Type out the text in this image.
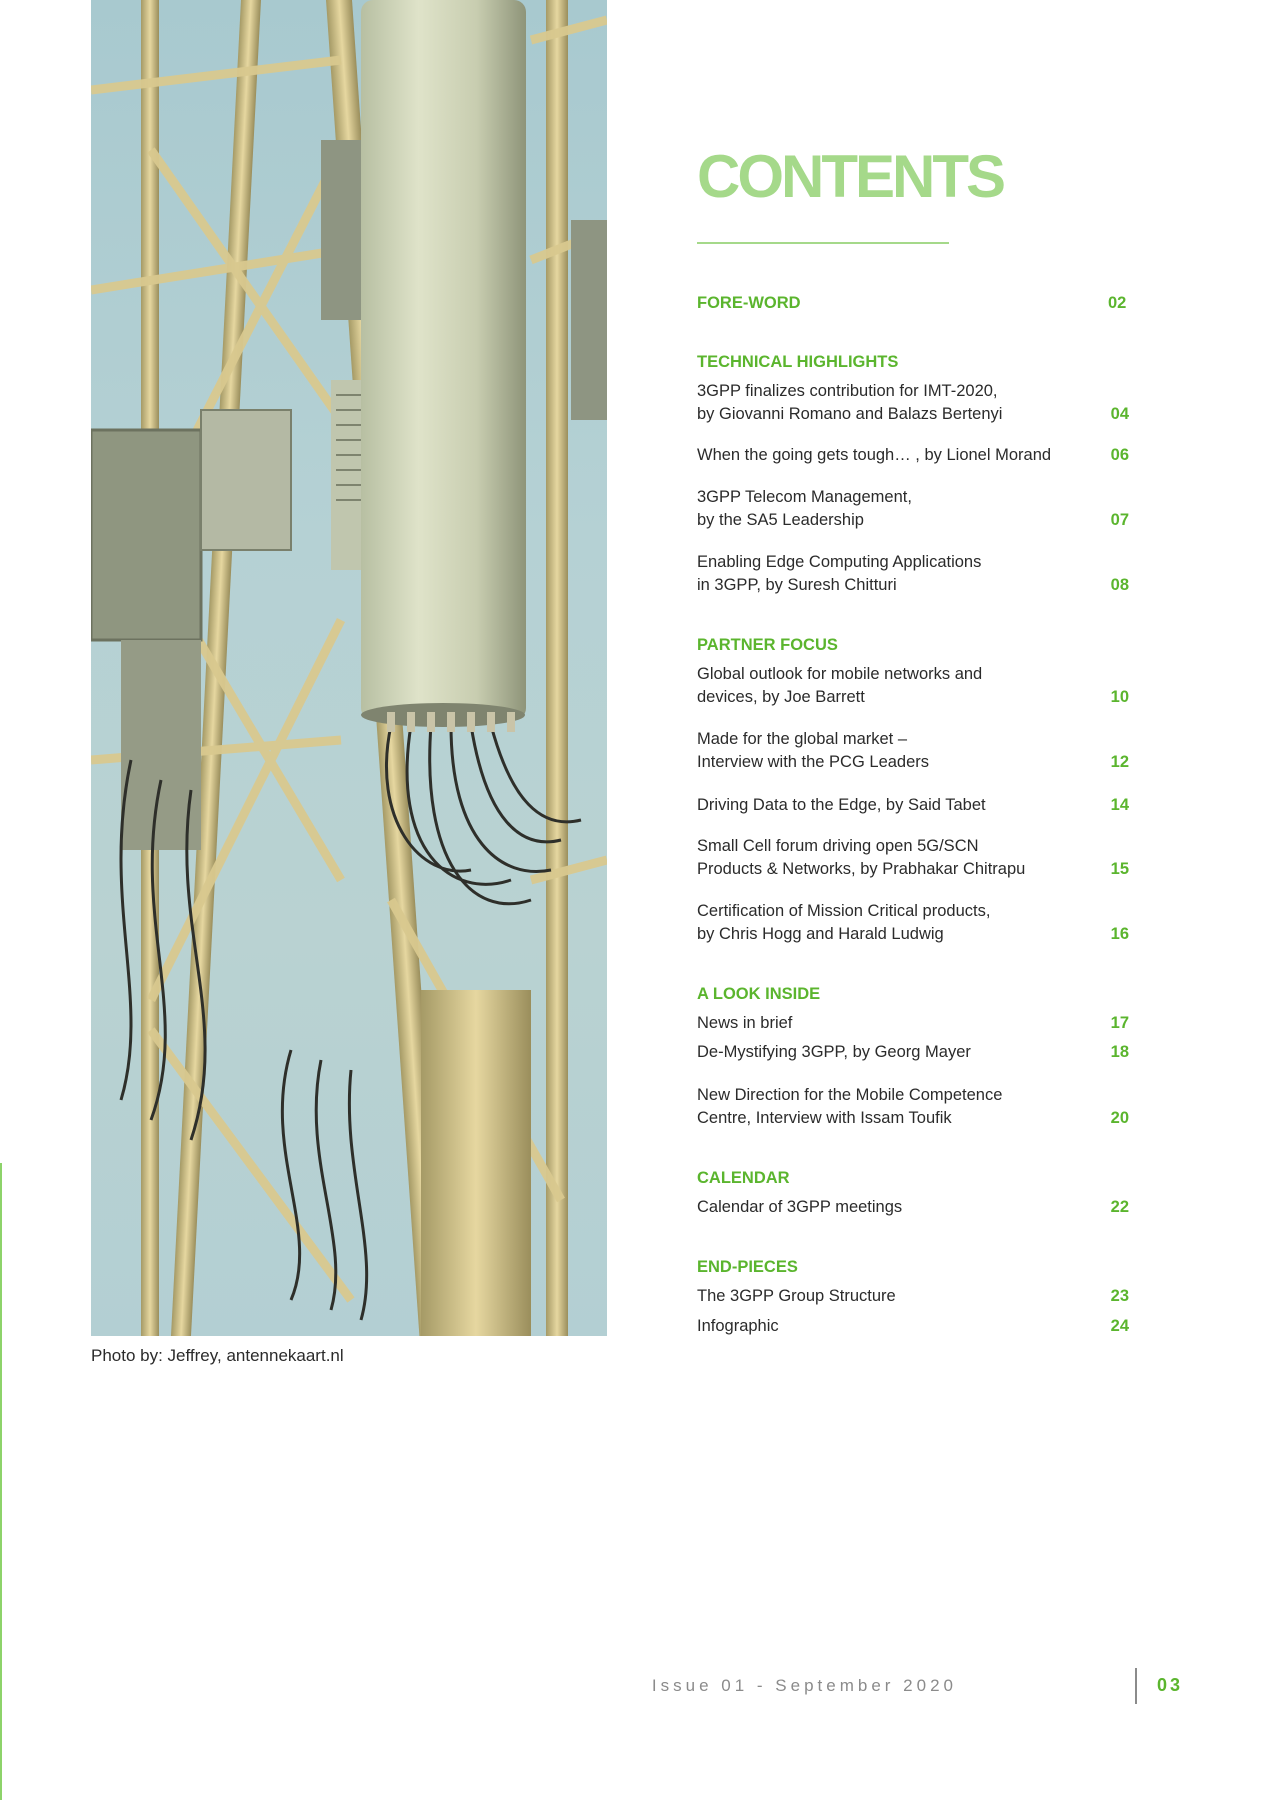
Photo by: Jeffrey, antennekaart.nl
CONTENTS
FORE-WORD	02
TECHNICAL HIGHLIGHTS
3GPP finalizes contribution for IMT-2020,
by Giovanni Romano and Balazs Bertenyi	04
When the going gets tough… , by Lionel Morand	06
3GPP Telecom Management,
by the SA5 Leadership	07
Enabling Edge Computing Applications
in 3GPP, by Suresh Chitturi	08
PARTNER FOCUS
Global outlook for mobile networks and
devices, by Joe Barrett	10
Made for the global market –
Interview with the PCG Leaders	12
Driving Data to the Edge, by Said Tabet	14
Small Cell forum driving open 5G/SCN
Products & Networks, by Prabhakar Chitrapu	15
Certification of Mission Critical products,
by Chris Hogg and Harald Ludwig	16
A LOOK INSIDE
News in brief	17
De-Mystifying 3GPP, by Georg Mayer	18
New Direction for the Mobile Competence
Centre, Interview with Issam Toufik	20
CALENDAR
Calendar of 3GPP meetings	22
END-PIECES
The 3GPP Group Structure	23
Infographic	24
Issue 01 - September 2020	03
